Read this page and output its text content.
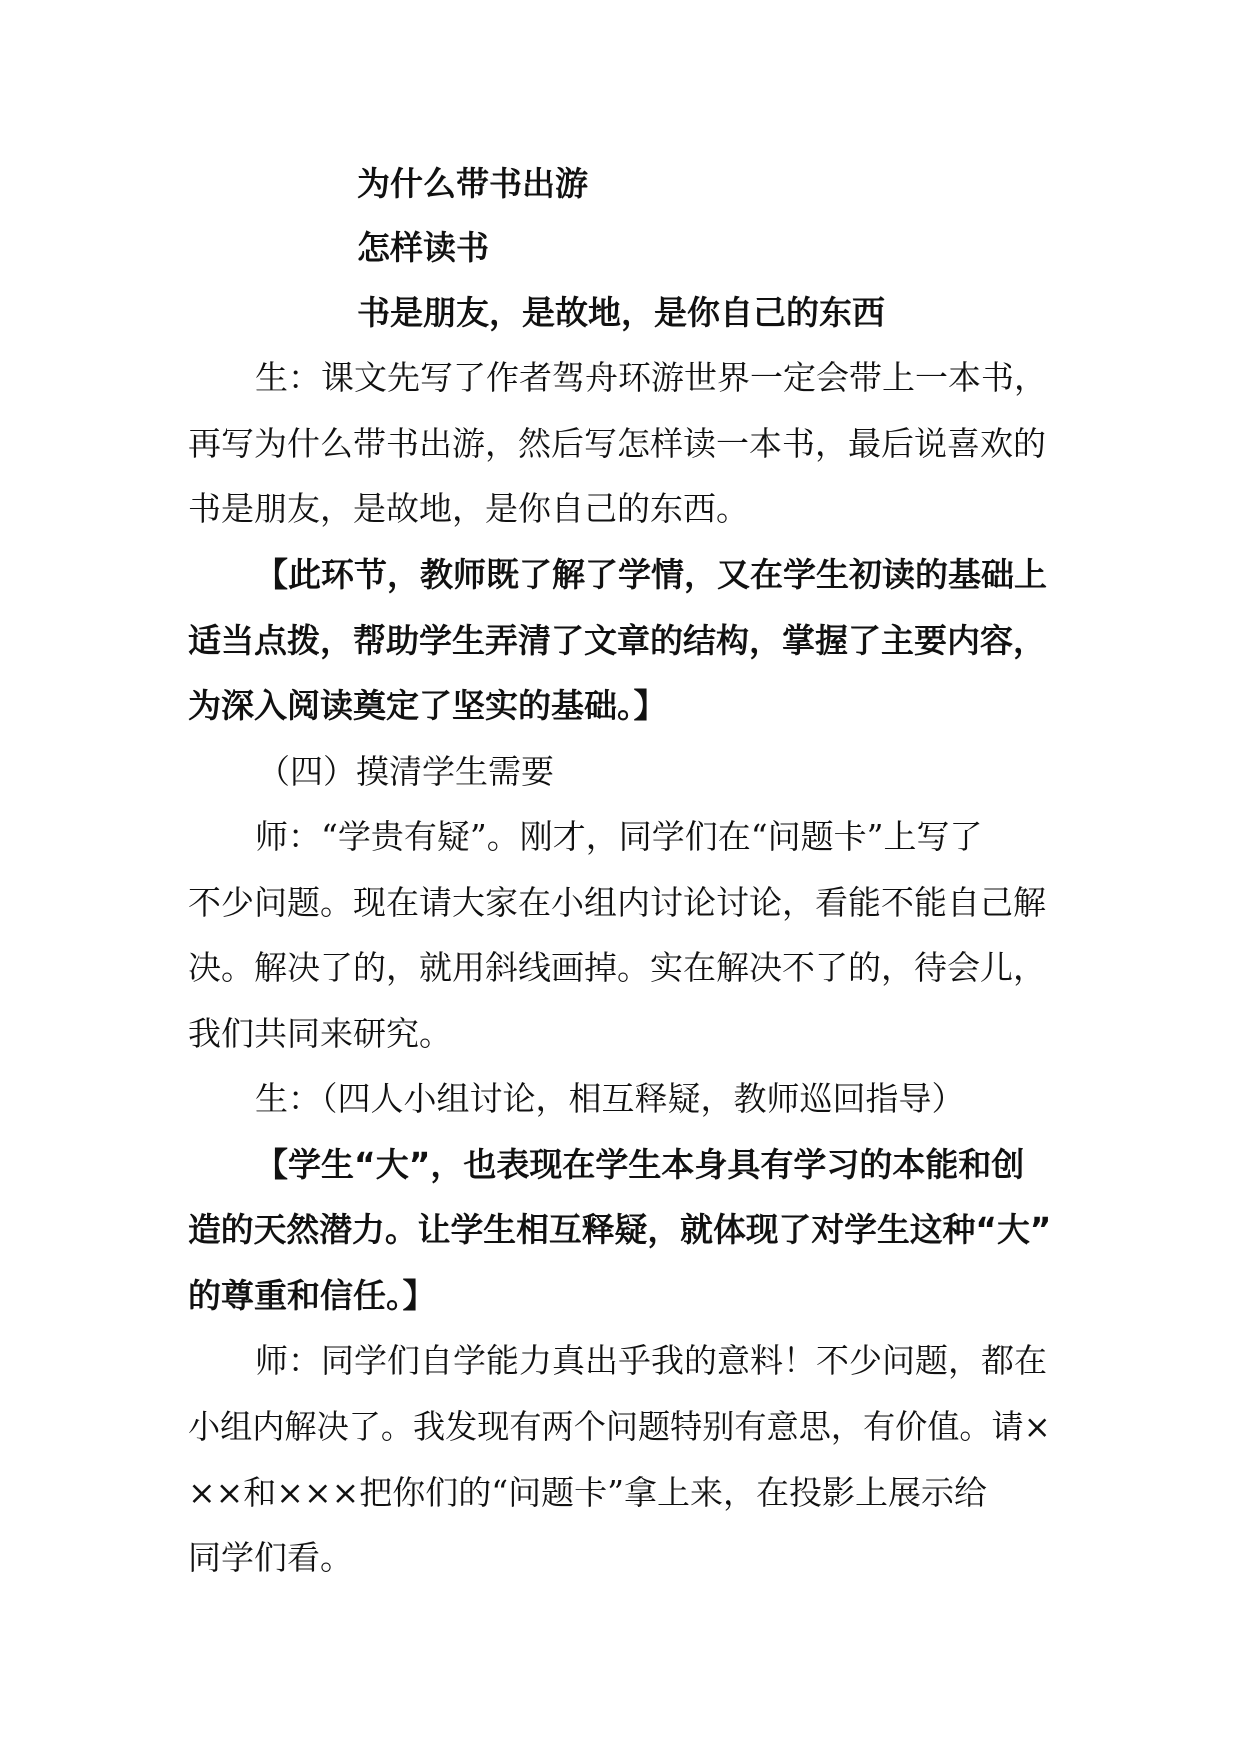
为什么带书出游
怎样读书
书是朋友，是故地，是你自己的东西
生：课文先写了作者驾舟环游世界一定会带上一本书，
再写为什么带书出游，然后写怎样读一本书，最后说喜欢的
书是朋友，是故地，是你自己的东西。
【此环节，教师既了解了学情，又在学生初读的基础上
适当点拨，帮助学生弄清了文章的结构，掌握了主要内容，
为深入阅读奠定了坚实的基础。】
（四）摸清学生需要
师：“学贵有疑”。刚才，同学们在“问题卡”上写了
不少问题。现在请大家在小组内讨论讨论，看能不能自己解
决。解决了的，就用斜线画掉。实在解决不了的，待会儿，
我们共同来研究。
生：（四人小组讨论，相互释疑，教师巡回指导）
【学生“大”，也表现在学生本身具有学习的本能和创
造的天然潜力。让学生相互释疑，就体现了对学生这种“大”
的尊重和信任。】
师：同学们自学能力真出乎我的意料！不少问题，都在
小组内解决了。我发现有两个问题特别有意思，有价值。请×
××和×××把你们的“问题卡”拿上来，在投影上展示给
同学们看。
